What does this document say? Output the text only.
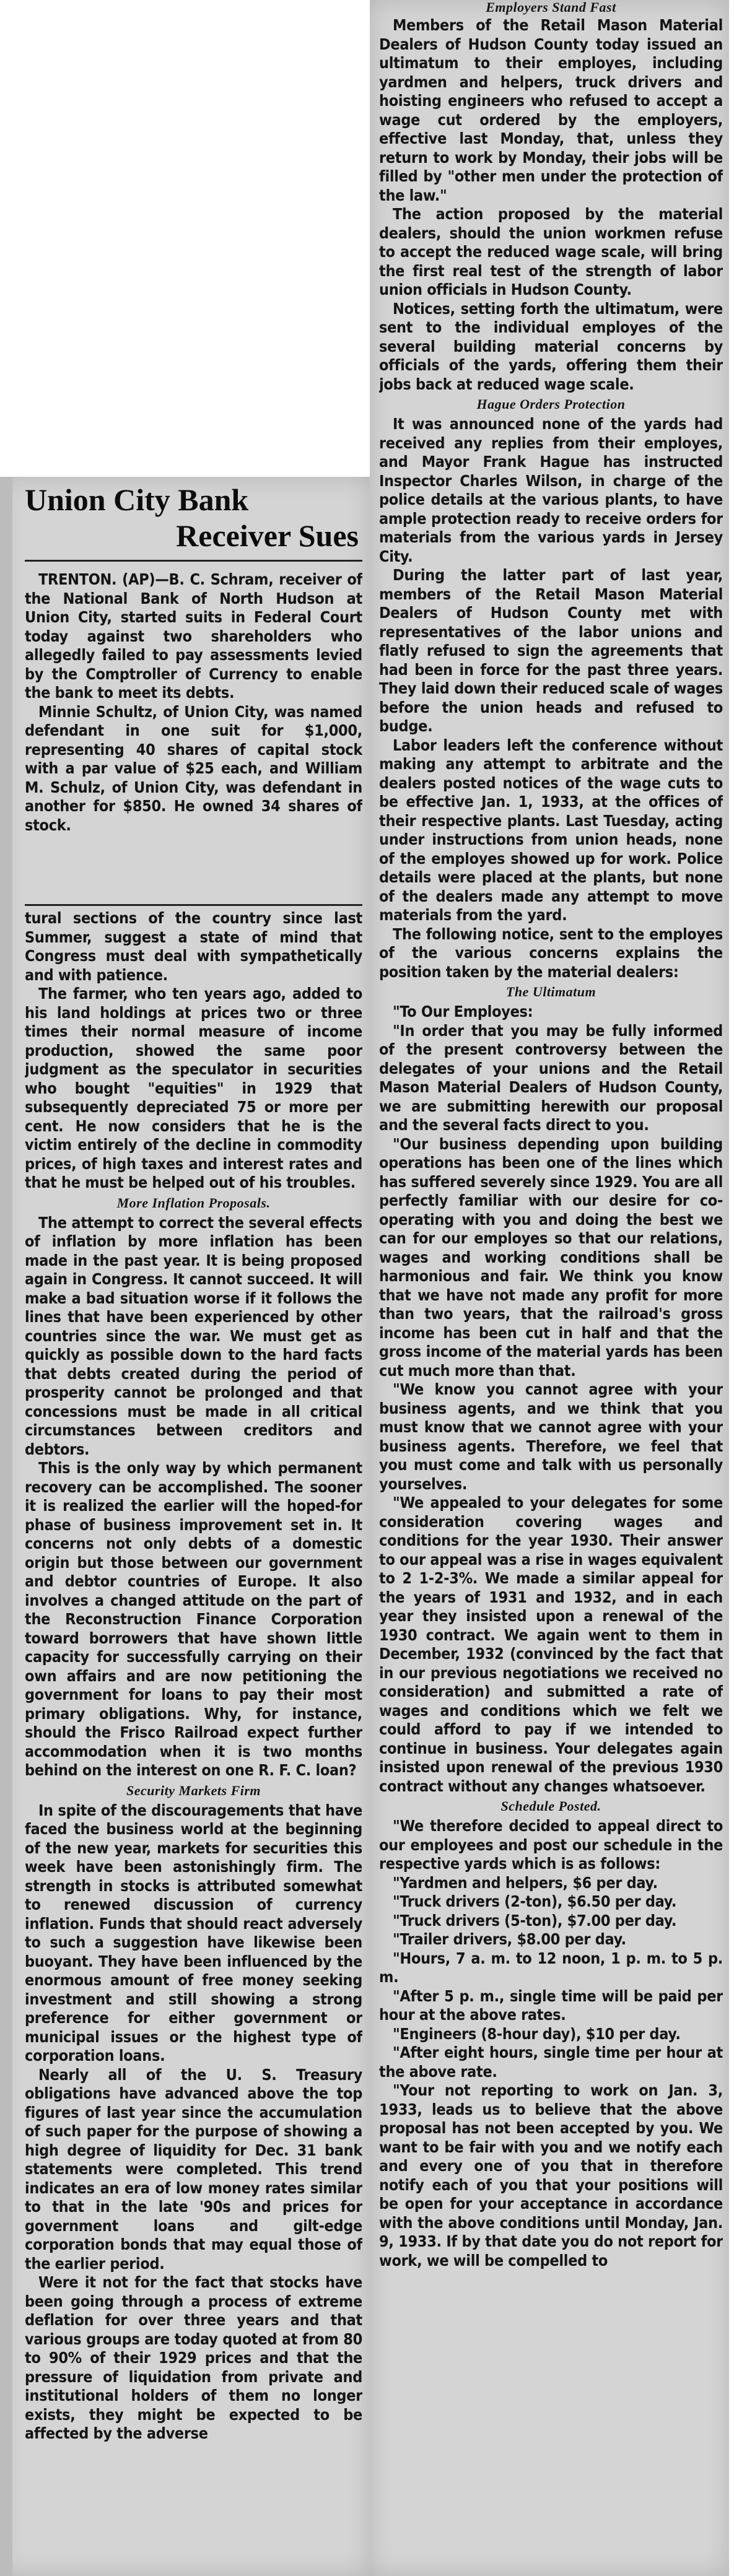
Union City Bank
Receiver Sues

TRENTON. (AP)—B. C. Schram, receiver of the National Bank of North Hudson at Union City, started suits in Federal Court today against two shareholders who allegedly failed to pay assessments levied by the Comptroller of Currency to enable the bank to meet its debts.

Minnie Schultz, of Union City, was named defendant in one suit for $1,000, representing 40 shares of capital stock with a par value of $25 each, and William M. Schulz, of Union City, was defendant in another for $850. He owned 34 shares of stock.

tural sections of the country since last Summer, suggest a state of mind that Congress must deal with sympathetically and with patience.

The farmer, who ten years ago, added to his land holdings at prices two or three times their normal measure of income production, showed the same poor judgment as the speculator in securities who bought "equities" in 1929 that subsequently depreciated 75 or more per cent. He now considers that he is the victim entirely of the decline in commodity prices, of high taxes and interest rates and that he must be helped out of his troubles.

More Inflation Proposals.

The attempt to correct the several effects of inflation by more inflation has been made in the past year. It is being proposed again in Congress. It cannot succeed. It will make a bad situation worse if it follows the lines that have been experienced by other countries since the war. We must get as quickly as possible down to the hard facts that debts created during the period of prosperity cannot be prolonged and that concessions must be made in all critical circumstances between creditors and debtors.

This is the only way by which permanent recovery can be accomplished. The sooner it is realized the earlier will the hoped-for phase of business improvement set in. It concerns not only debts of a domestic origin but those between our government and debtor countries of Europe. It also involves a changed attitude on the part of the Reconstruction Finance Corporation toward borrowers that have shown little capacity for successfully carrying on their own affairs and are now petitioning the government for loans to pay their most primary obligations. Why, for instance, should the Frisco Railroad expect further accommodation when it is two months behind on the interest on one R. F. C. loan?

Security Markets Firm

In spite of the discouragements that have faced the business world at the beginning of the new year, markets for securities this week have been astonishingly firm. The strength in stocks is attributed somewhat to renewed discussion of currency inflation. Funds that should react adversely to such a suggestion have likewise been buoyant. They have been influenced by the enormous amount of free money seeking investment and still showing a strong preference for either government or municipal issues or the highest type of corporation loans.

Nearly all of the U. S. Treasury obligations have advanced above the top figures of last year since the accumulation of such paper for the purpose of showing a high degree of liquidity for Dec. 31 bank statements were completed. This trend indicates an era of low money rates similar to that in the late '90s and prices for government loans and gilt-edge corporation bonds that may equal those of the earlier period.

Were it not for the fact that stocks have been going through a process of extreme deflation for over three years and that various groups are today quoted at from 80 to 90% of their 1929 prices and that the pressure of liquidation from private and institutional holders of them no longer exists, they might be expected to be affected by the adverse

Employers Stand Fast

Members of the Retail Mason Material Dealers of Hudson County today issued an ultimatum to their employes, including yardmen and helpers, truck drivers and hoisting engineers who refused to accept a wage cut ordered by the employers, effective last Monday, that, unless they return to work by Monday, their jobs will be filled by "other men under the protection of the law."

The action proposed by the material dealers, should the union workmen refuse to accept the reduced wage scale, will bring the first real test of the strength of labor union officials in Hudson County.

Notices, setting forth the ultimatum, were sent to the individual employes of the several building material concerns by officials of the yards, offering them their jobs back at reduced wage scale.

Hague Orders Protection

It was announced none of the yards had received any replies from their employes, and Mayor Frank Hague has instructed Inspector Charles Wilson, in charge of the police details at the various plants, to have ample protection ready to receive orders for materials from the various yards in Jersey City.

During the latter part of last year, members of the Retail Mason Material Dealers of Hudson County met with representatives of the labor unions and flatly refused to sign the agreements that had been in force for the past three years. They laid down their reduced scale of wages before the union heads and refused to budge.

Labor leaders left the conference without making any attempt to arbitrate and the dealers posted notices of the wage cuts to be effective Jan. 1, 1933, at the offices of their respective plants. Last Tuesday, acting under instructions from union heads, none of the employes showed up for work. Police details were placed at the plants, but none of the dealers made any attempt to move materials from the yard.

The following notice, sent to the employes of the various concerns explains the position taken by the material dealers:

The Ultimatum

"To Our Employes:

"In order that you may be fully informed of the present controversy between the delegates of your unions and the Retail Mason Material Dealers of Hudson County, we are submitting herewith our proposal and the several facts direct to you.

"Our business depending upon building operations has been one of the lines which has suffered severely since 1929. You are all perfectly familiar with our desire for co-operating with you and doing the best we can for our employes so that our relations, wages and working conditions shall be harmonious and fair. We think you know that we have not made any profit for more than two years, that the railroad's gross income has been cut in half and that the gross income of the material yards has been cut much more than that.

"We know you cannot agree with your business agents, and we think that you must know that we cannot agree with your business agents. Therefore, we feel that you must come and talk with us personally yourselves.

"We appealed to your delegates for some consideration covering wages and conditions for the year 1930. Their answer to our appeal was a rise in wages equivalent to 2 1-2-3%. We made a similar appeal for the years of 1931 and 1932, and in each year they insisted upon a renewal of the 1930 contract. We again went to them in December, 1932 (convinced by the fact that in our previous negotiations we received no consideration) and submitted a rate of wages and conditions which we felt we could afford to pay if we intended to continue in business. Your delegates again insisted upon renewal of the previous 1930 contract without any changes whatsoever.

Schedule Posted.

"We therefore decided to appeal direct to our employees and post our schedule in the respective yards which is as follows:

"Yardmen and helpers, $6 per day.

"Truck drivers (2-ton), $6.50 per day.

"Truck drivers (5-ton), $7.00 per day.

"Trailer drivers, $8.00 per day.

"Hours, 7 a. m. to 12 noon, 1 p. m. to 5 p. m.

"After 5 p. m., single time will be paid per hour at the above rates.

"Engineers (8-hour day), $10 per day.

"After eight hours, single time per hour at the above rate.

"Your not reporting to work on Jan. 3, 1933, leads us to believe that the above proposal has not been accepted by you. We want to be fair with you and we notify each and every one of you that in therefore notify each of you that your positions will be open for your acceptance in accordance with the above conditions until Monday, Jan. 9, 1933. If by that date you do not report for work, we will be compelled to
